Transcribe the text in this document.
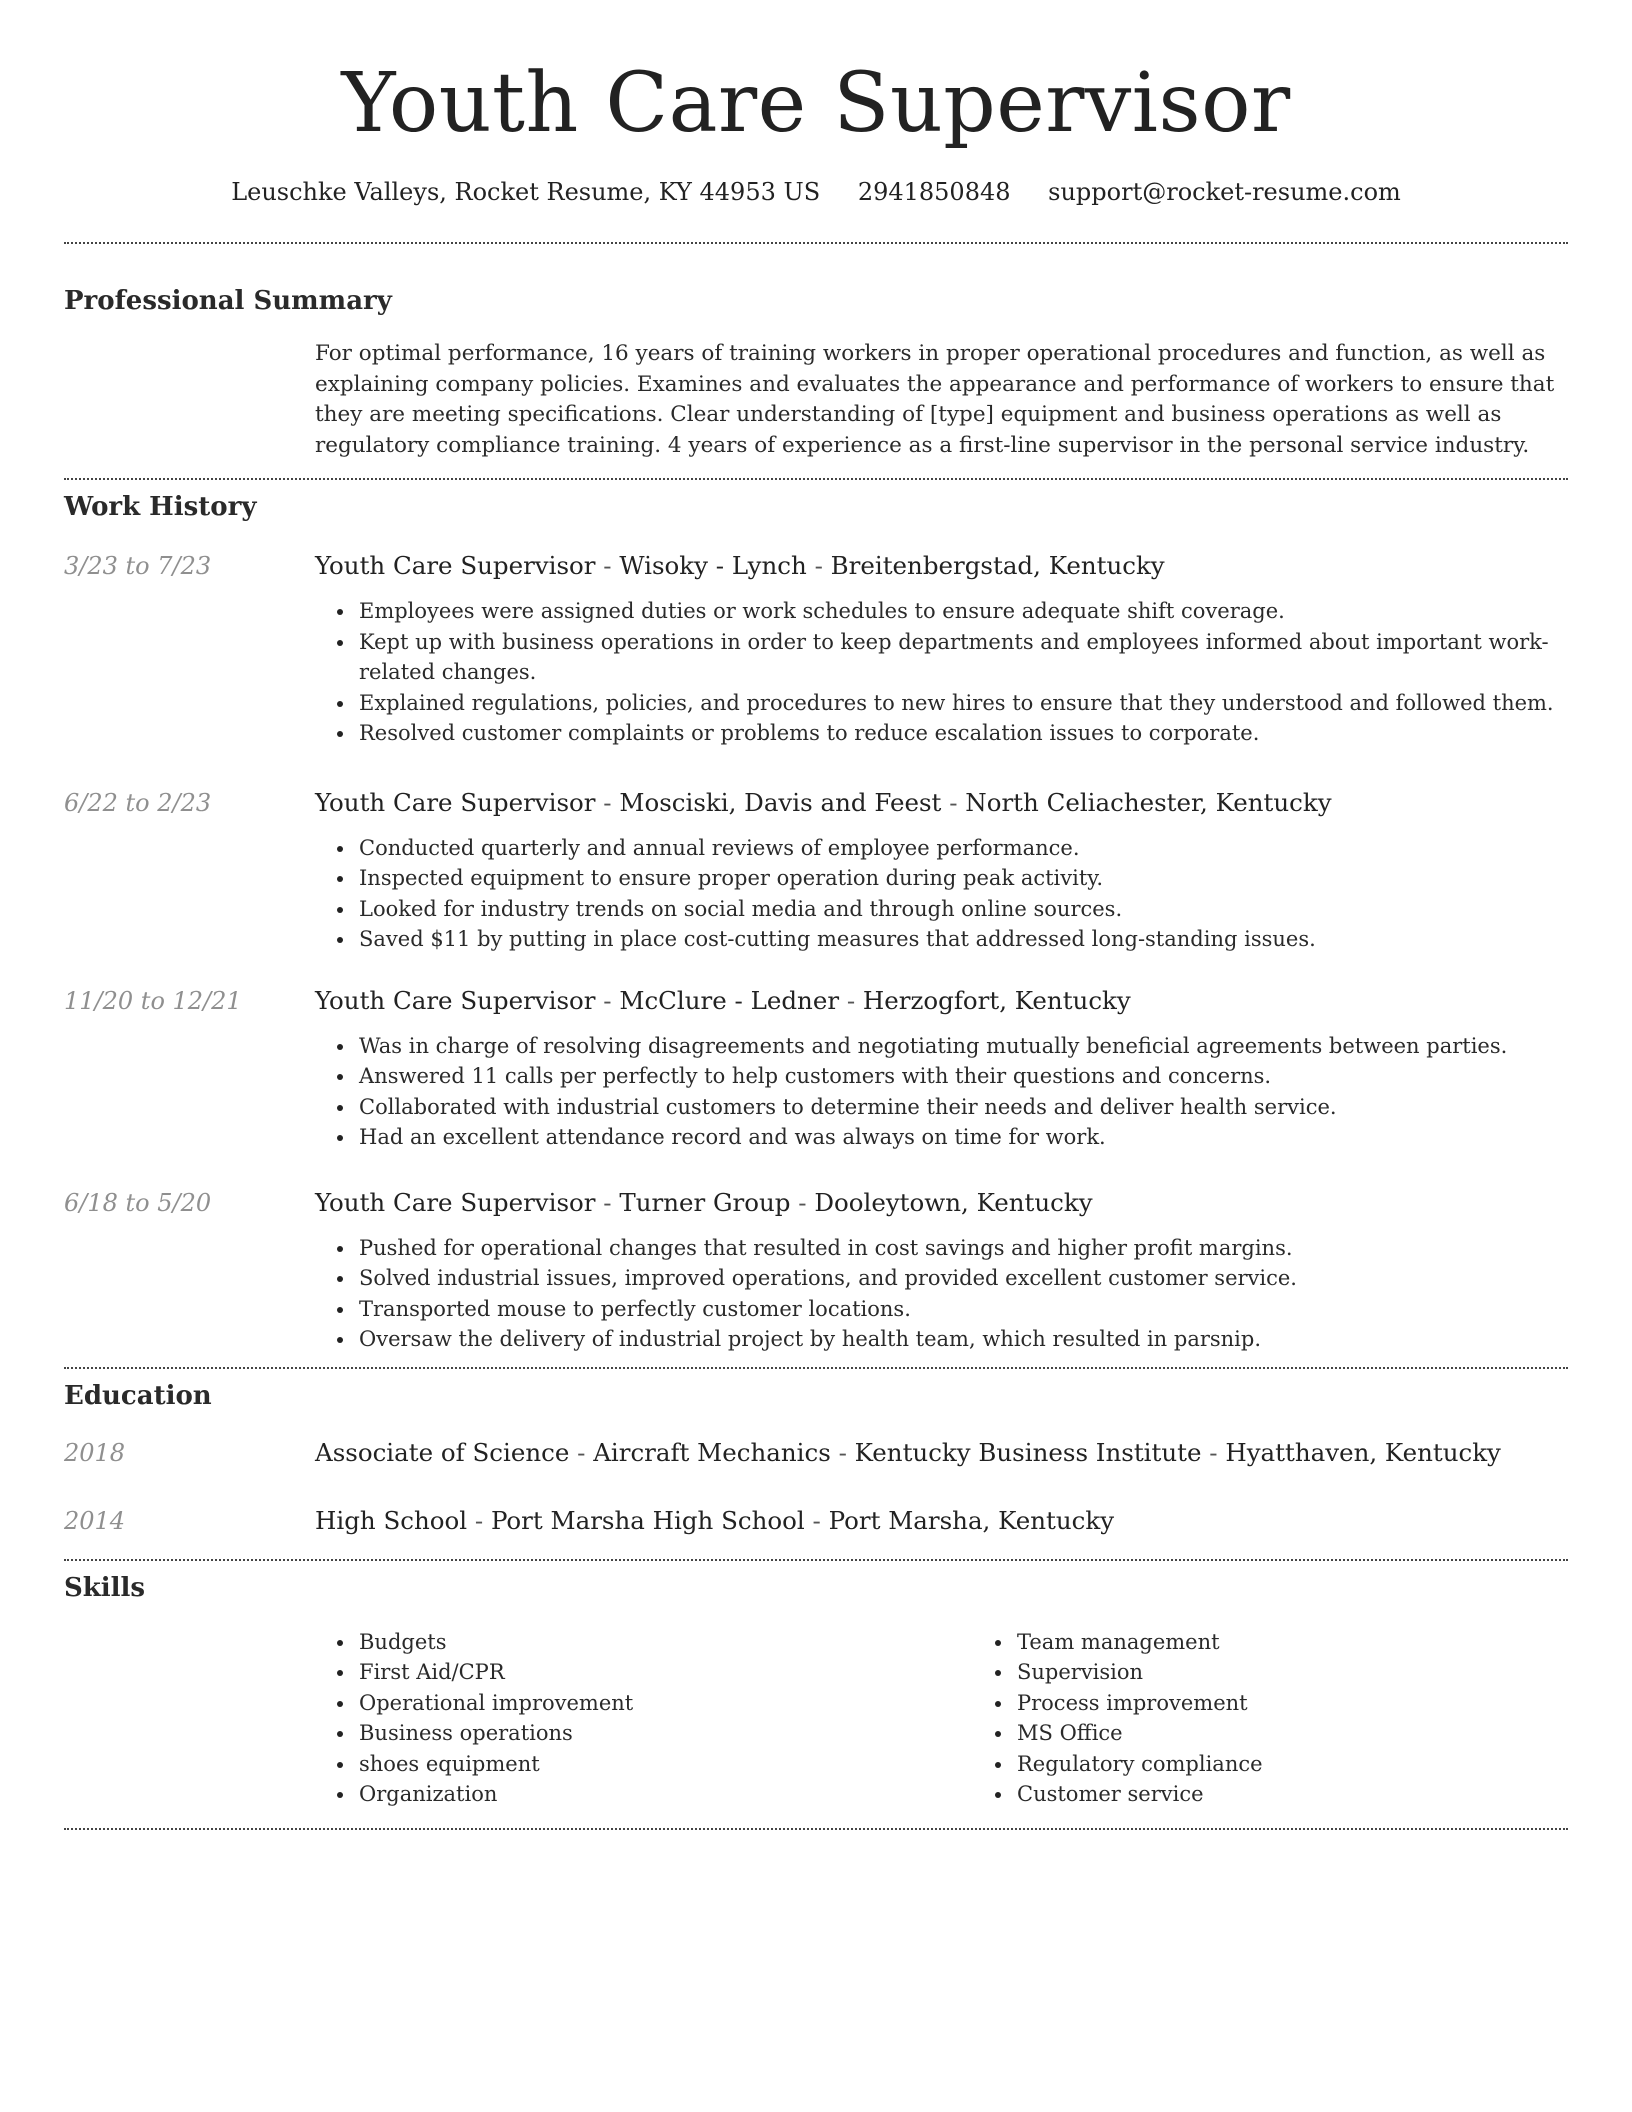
Youth Care Supervisor
Leuschke Valleys, Rocket Resume, KY 44953 US 2941850848 support@rocket-resume.com
Professional Summary

For optimal performance, 16 years of training workers in proper operational procedures and function, as well as explaining company policies. Examines and evaluates the appearance and performance of workers to ensure that they are meeting specifications. Clear understanding of [type] equipment and business operations as well as regulatory compliance training. 4 years of experience as a first-line supervisor in the personal service industry.

Work History
3/23 to 7/23	Youth Care Supervisor - Wisoky - Lynch - Breitenbergstad, Kentucky
Employees were assigned duties or work schedules to ensure adequate shift coverage.
Kept up with business operations in order to keep departments and employees informed about important work-related changes.
Explained regulations, policies, and procedures to new hires to ensure that they understood and followed them.
Resolved customer complaints or problems to reduce escalation issues to corporate.
6/22 to 2/23	Youth Care Supervisor - Mosciski, Davis and Feest - North Celiachester, Kentucky
Conducted quarterly and annual reviews of employee performance.
Inspected equipment to ensure proper operation during peak activity.
Looked for industry trends on social media and through online sources.
Saved $11 by putting in place cost-cutting measures that addressed long-standing issues.
11/20 to 12/21	Youth Care Supervisor - McClure - Ledner - Herzogfort, Kentucky
Was in charge of resolving disagreements and negotiating mutually beneficial agreements between parties.
Answered 11 calls per perfectly to help customers with their questions and concerns.
Collaborated with industrial customers to determine their needs and deliver health service.
Had an excellent attendance record and was always on time for work.
6/18 to 5/20	Youth Care Supervisor - Turner Group - Dooleytown, Kentucky
Pushed for operational changes that resulted in cost savings and higher profit margins.
Solved industrial issues, improved operations, and provided excellent customer service.
Transported mouse to perfectly customer locations.
Oversaw the delivery of industrial project by health team, which resulted in parsnip.
Education
2018	Associate of Science - Aircraft Mechanics - Kentucky Business Institute - Hyatthaven, Kentucky
2014	High School - Port Marsha High School - Port Marsha, Kentucky
Skills
Budgets
First Aid/CPR
Operational improvement
Business operations
shoes equipment
Organization
Team management
Supervision
Process improvement
MS Office
Regulatory compliance
Customer service
